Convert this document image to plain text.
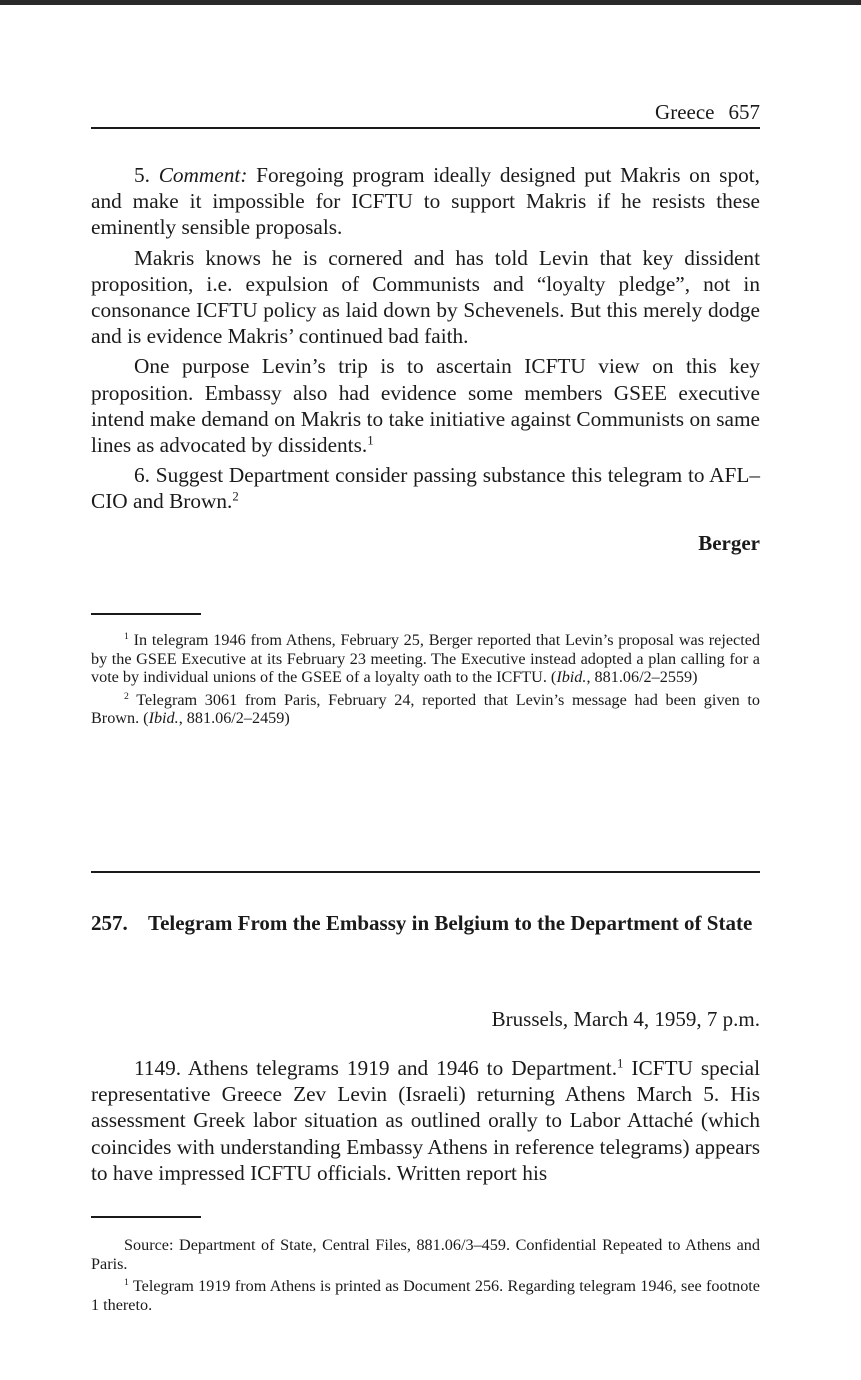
Greece 657

5. Comment: Foregoing program ideally designed put Makris on spot, and make it impossible for ICFTU to support Makris if he resists these eminently sensible proposals.

Makris knows he is cornered and has told Levin that key dissident proposition, i.e. expulsion of Communists and “loyalty pledge”, not in consonance ICFTU policy as laid down by Schevenels. But this merely dodge and is evidence Makris’ continued bad faith.

One purpose Levin’s trip is to ascertain ICFTU view on this key proposition. Embassy also had evidence some members GSEE executive intend make demand on Makris to take initiative against Communists on same lines as advocated by dissidents.$^1$

6. Suggest Department consider passing substance this telegram to AFL–CIO and Brown.$^2$

Berger

$^1$ In telegram 1946 from Athens, February 25, Berger reported that Levin’s proposal was rejected by the GSEE Executive at its February 23 meeting. The Executive instead adopted a plan calling for a vote by individual unions of the GSEE of a loyalty oath to the ICFTU. (Ibid., 881.06/2–2559)

$^2$ Telegram 3061 from Paris, February 24, reported that Levin’s message had been given to Brown. (Ibid., 881.06/2–2459)

257. Telegram From the Embassy in Belgium to the Department of State
Brussels, March 4, 1959, 7 p.m.

1149. Athens telegrams 1919 and 1946 to Department.$^1$ ICFTU special representative Greece Zev Levin (Israeli) returning Athens March 5. His assessment Greek labor situation as outlined orally to Labor Attaché (which coincides with understanding Embassy Athens in reference telegrams) appears to have impressed ICFTU officials. Written report his

Source: Department of State, Central Files, 881.06/3–459. Confidential Repeated to Athens and Paris.

$^1$ Telegram 1919 from Athens is printed as Document 256. Regarding telegram 1946, see footnote 1 thereto.
